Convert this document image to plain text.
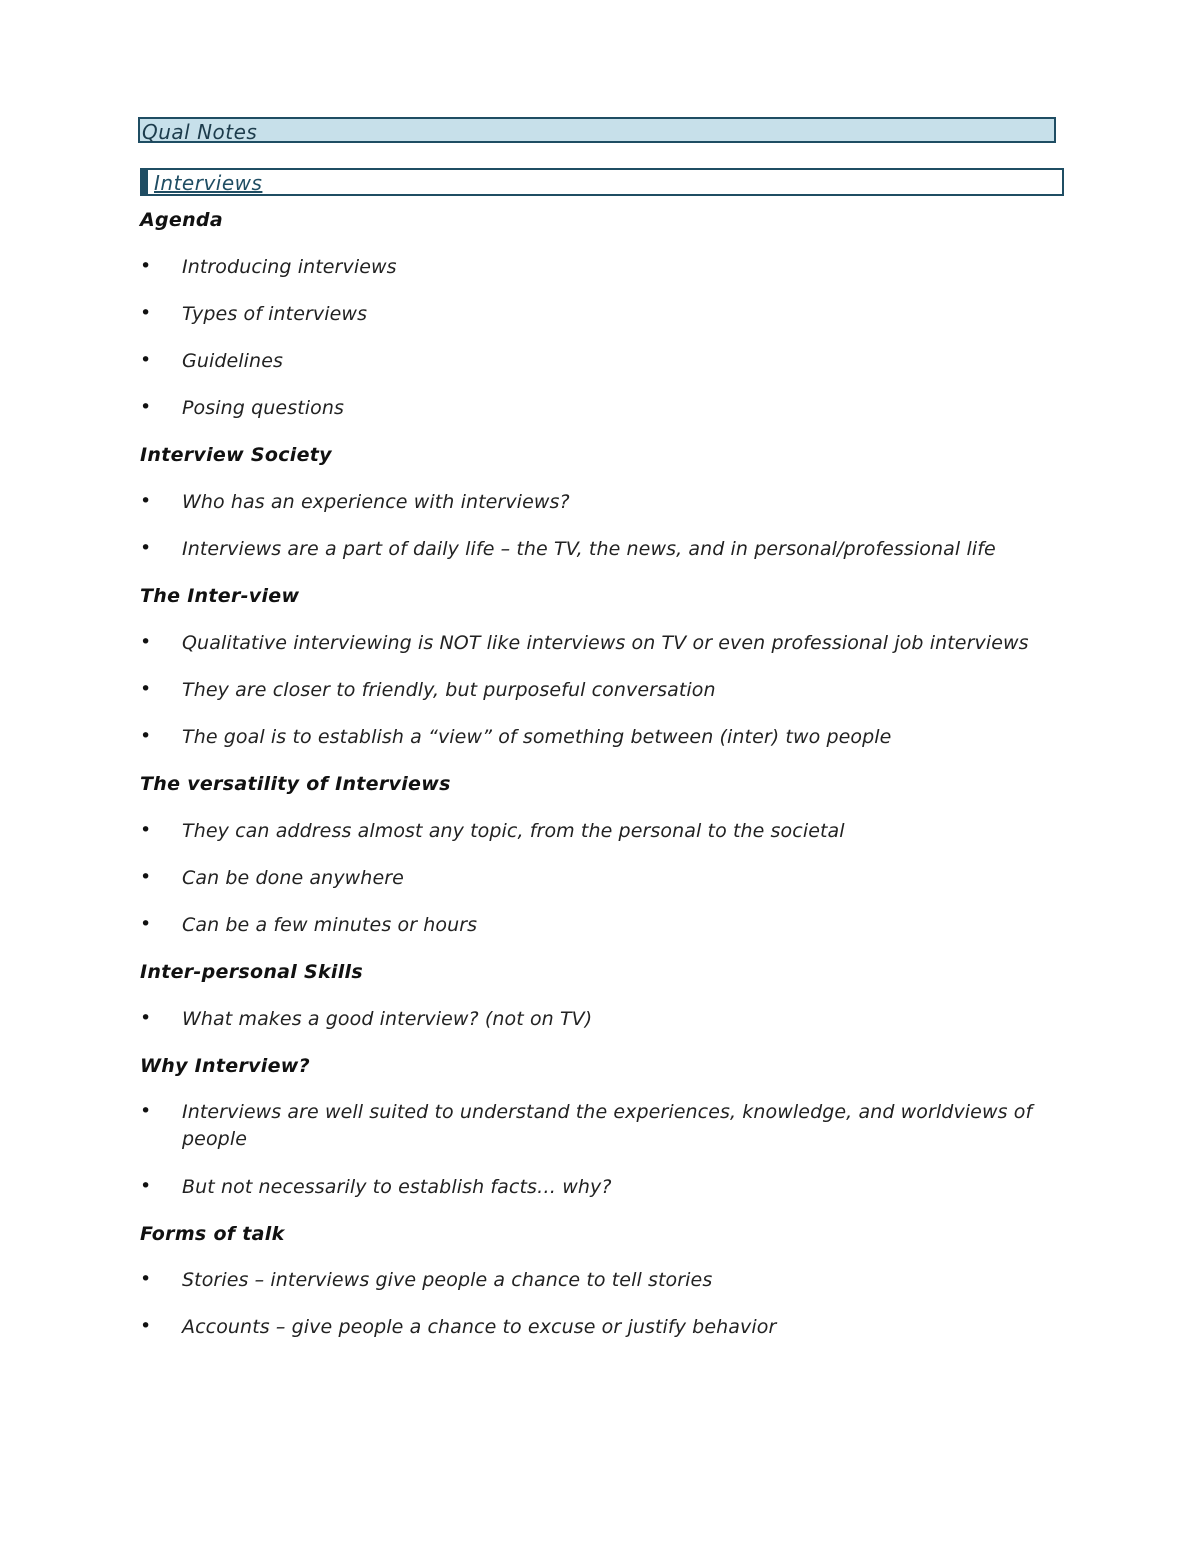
Qual Notes
Interviews
Agenda
• Introducing interviews
• Types of interviews
• Guidelines
• Posing questions
Interview Society
• Who has an experience with interviews?
• Interviews are a part of daily life – the TV, the news, and in personal/professional life
The Inter-view
• Qualitative interviewing is NOT like interviews on TV or even professional job interviews
• They are closer to friendly, but purposeful conversation
• The goal is to establish a “view” of something between (inter) two people
The versatility of Interviews
• They can address almost any topic, from the personal to the societal
• Can be done anywhere
• Can be a few minutes or hours
Inter-personal Skills
• What makes a good interview? (not on TV)
Why Interview?
• Interviews are well suited to understand the experiences, knowledge, and worldviews of people
• But not necessarily to establish facts… why?
Forms of talk
• Stories – interviews give people a chance to tell stories
• Accounts – give people a chance to excuse or justify behavior
